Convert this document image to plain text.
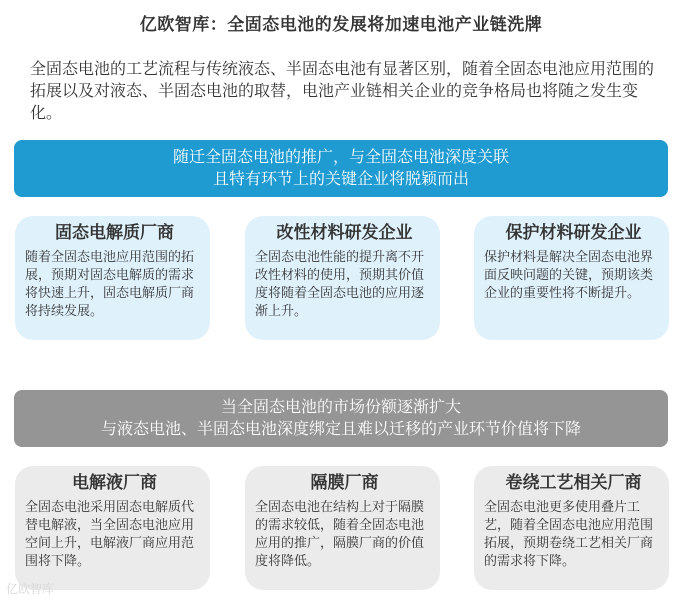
亿欧智库：全固态电池的发展将加速电池产业链洗牌
全固态电池的工艺流程与传统液态、半固态电池有显著区别，随着全固态电池应用范围的拓展以及对液态、半固态电池的取替，电池产业链相关企业的竞争格局也将随之发生变化。
随迁全固态电池的推广，与全固态电池深度关联
且特有环节上的关键企业将脱颖而出
固态电解质厂商
随着全固态电池应用范围的拓展，预期对固态电解质的需求将快速上升，固态电解质厂商将持续发展。
改性材料研发企业
全固态电池性能的提升离不开改性材料的使用，预期其价值度将随着全固态电池的应用逐渐上升。
保护材料研发企业
保护材料是解决全固态电池界面反映问题的关键，预期该类企业的重要性将不断提升。
当全固态电池的市场份额逐渐扩大
与液态电池、半固态电池深度绑定且难以迁移的产业环节价值将下降
电解液厂商
全固态电池采用固态电解质代替电解液，当全固态电池应用空间上升，电解液厂商应用范围将下降。
隔膜厂商
全固态电池在结构上对于隔膜的需求较低，随着全固态电池应用的推广，隔膜厂商的价值度将降低。
卷绕工艺相关厂商
全固态电池更多使用叠片工艺，随着全固态电池应用范围拓展，预期卷绕工艺相关厂商的需求将下降。
亿欧智库
